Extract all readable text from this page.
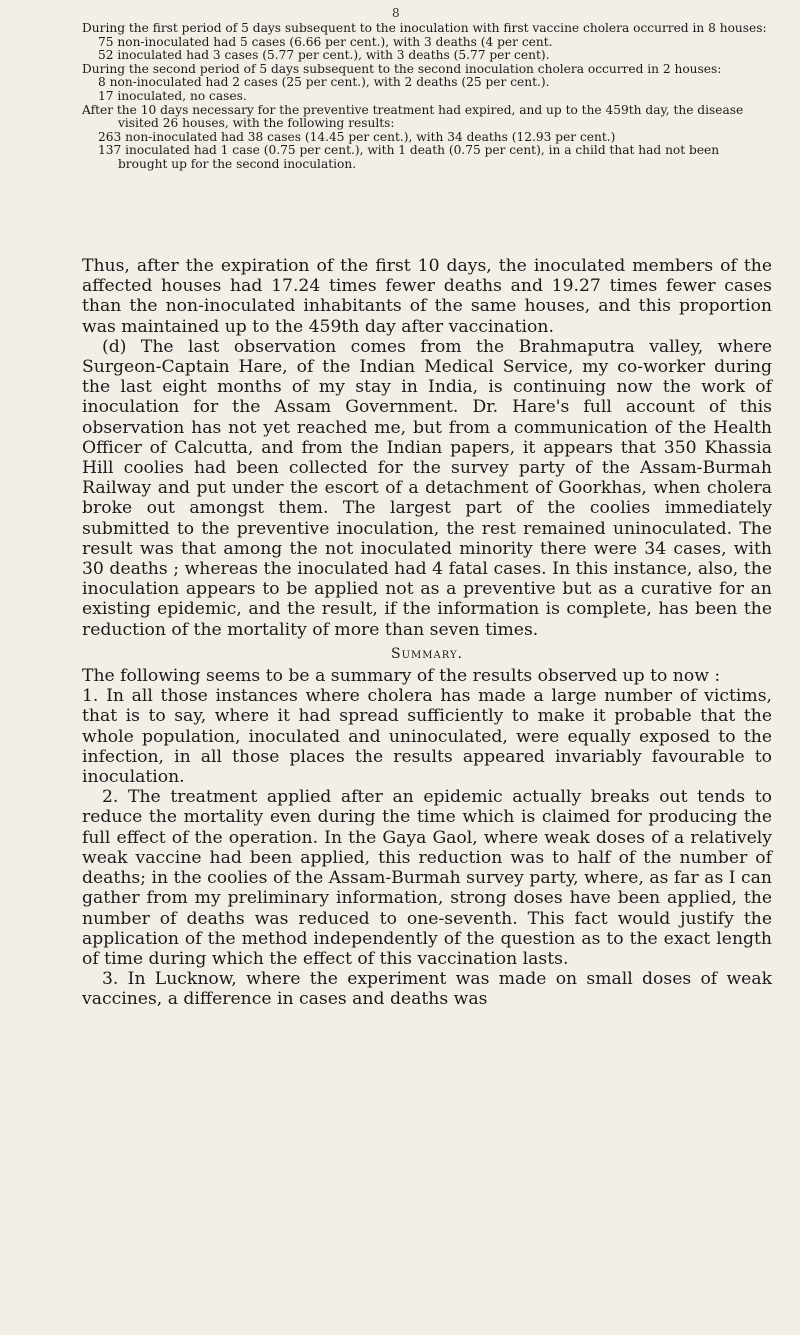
8

During the first period of 5 days subsequent to the inoculation with first vaccine cholera occurred in 8 houses:

75 non-inoculated had 5 cases (6.66 per cent.), with 3 deaths (4 per cent.

52 inoculated had 3 cases (5.77 per cent.), with 3 deaths (5.77 per cent).

During the second period of 5 days subsequent to the second inoculation cholera occurred in 2 houses:

8 non-inoculated had 2 cases (25 per cent.), with 2 deaths (25 per cent.).

17 inoculated, no cases.

After the 10 days necessary for the preventive treatment had expired, and up to the 459th day, the disease visited 26 houses, with the following results:

263 non-inoculated had 38 cases (14.45 per cent.), with 34 deaths (12.93 per cent.)

137 inoculated had 1 case (0.75 per cent.), with 1 death (0.75 per cent), in a child that had not been brought up for the second inoculation.

Thus, after the expiration of the first 10 days, the inoculated members of the affected houses had 17.24 times fewer deaths and 19.27 times fewer cases than the non-inoculated inhabitants of the same houses, and this proportion was maintained up to the 459th day after vaccination.

(d) The last observation comes from the Brahmaputra valley, where Surgeon-Captain Hare, of the Indian Medical Service, my co-worker during the last eight months of my stay in India, is continuing now the work of inoculation for the Assam Government. Dr. Hare's full account of this observation has not yet reached me, but from a communication of the Health Officer of Calcutta, and from the Indian papers, it appears that 350 Khassia Hill coolies had been collected for the survey party of the Assam-Burmah Railway and put under the escort of a detachment of Goorkhas, when cholera broke out amongst them. The largest part of the coolies immediately submitted to the preventive inoculation, the rest remained uninoculated. The result was that among the not inoculated minority there were 34 cases, with 30 deaths ; whereas the inoculated had 4 fatal cases. In this instance, also, the inoculation appears to be applied not as a preventive but as a curative for an existing epidemic, and the result, if the information is complete, has been the reduction of the mortality of more than seven times.

Summary.

The following seems to be a summary of the results observed up to now :

1. In all those instances where cholera has made a large number of victims, that is to say, where it had spread sufficiently to make it probable that the whole population, inoculated and uninoculated, were equally exposed to the infection, in all those places the results appeared invariably favourable to inoculation.

2. The treatment applied after an epidemic actually breaks out tends to reduce the mortality even during the time which is claimed for producing the full effect of the operation. In the Gaya Gaol, where weak doses of a relatively weak vaccine had been applied, this reduction was to half of the number of deaths; in the coolies of the Assam-Burmah survey party, where, as far as I can gather from my preliminary information, strong doses have been applied, the number of deaths was reduced to one-seventh. This fact would justify the application of the method independently of the question as to the exact length of time during which the effect of this vaccination lasts.

3. In Lucknow, where the experiment was made on small doses of weak vaccines, a difference in cases and deaths was
